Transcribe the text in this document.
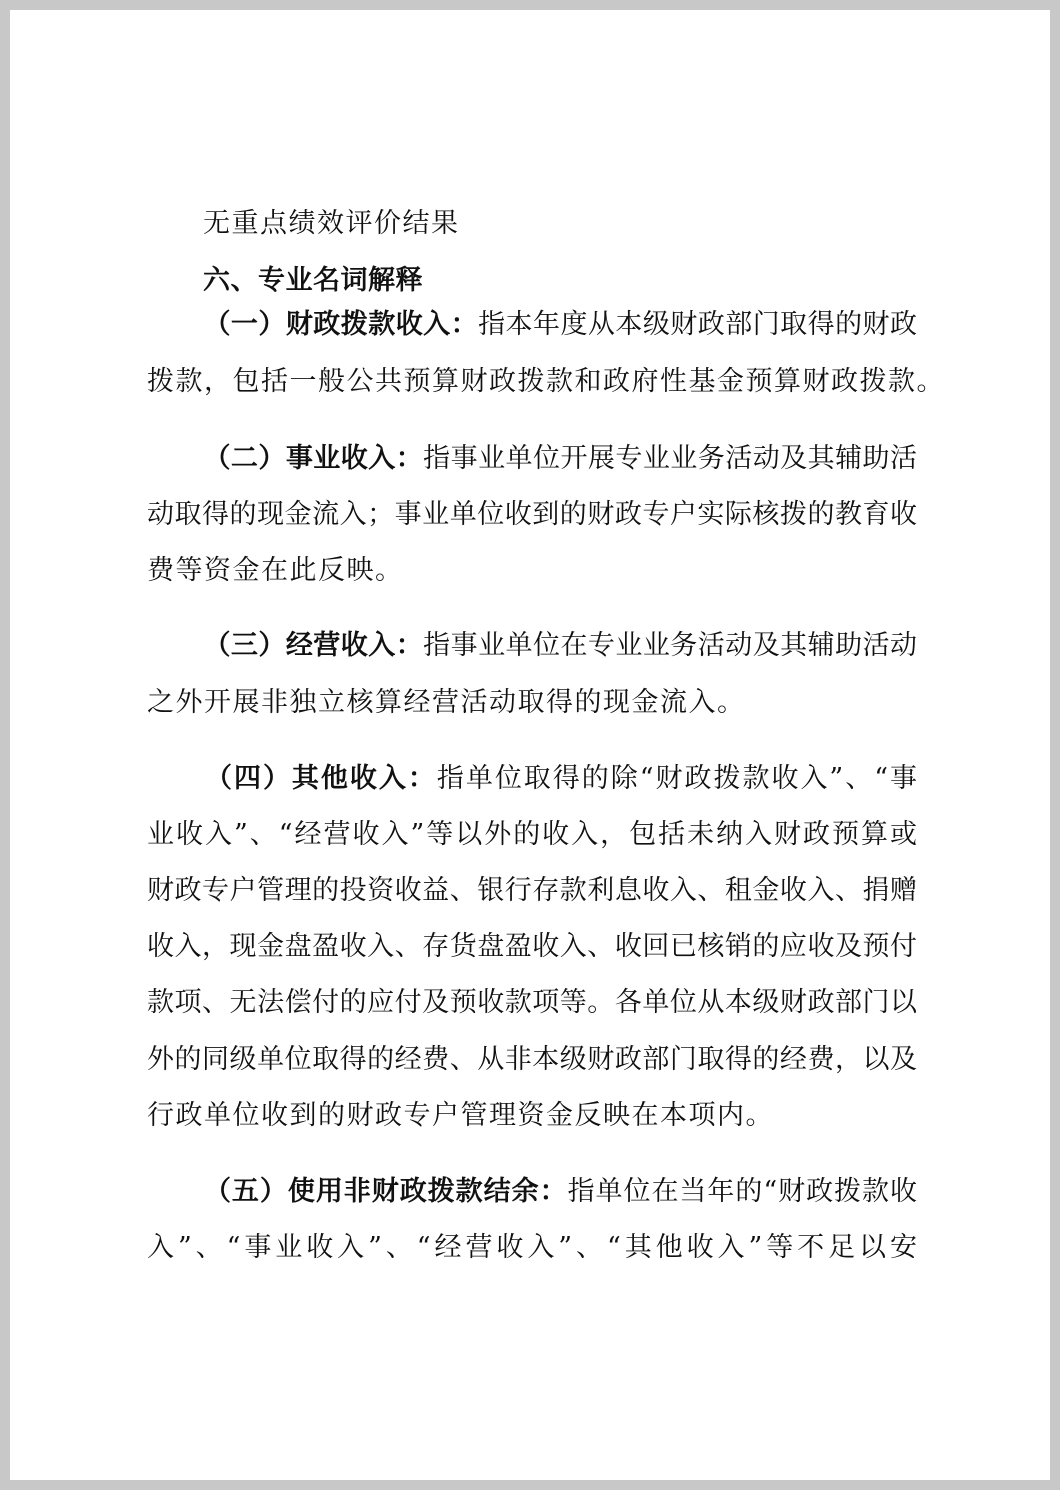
无重点绩效评价结果
六、专业名词解释
（一）财政拨款收入：指本年度从本级财政部门取得的财政
拨款，包括一般公共预算财政拨款和政府性基金预算财政拨款。
（二）事业收入：指事业单位开展专业业务活动及其辅助活
动取得的现金流入；事业单位收到的财政专户实际核拨的教育收
费等资金在此反映。
（三）经营收入：指事业单位在专业业务活动及其辅助活动
之外开展非独立核算经营活动取得的现金流入。
（四）其他收入：指单位取得的除“财政拨款收入”、“事
业收入”、“经营收入”等以外的收入，包括未纳入财政预算或
财政专户管理的投资收益、银行存款利息收入、租金收入、捐赠
收入，现金盘盈收入、存货盘盈收入、收回已核销的应收及预付
款项、无法偿付的应付及预收款项等。各单位从本级财政部门以
外的同级单位取得的经费、从非本级财政部门取得的经费，以及
行政单位收到的财政专户管理资金反映在本项内。
（五）使用非财政拨款结余：指单位在当年的“财政拨款收
入”、“事业收入”、“经营收入”、“其他收入”等不足以安
